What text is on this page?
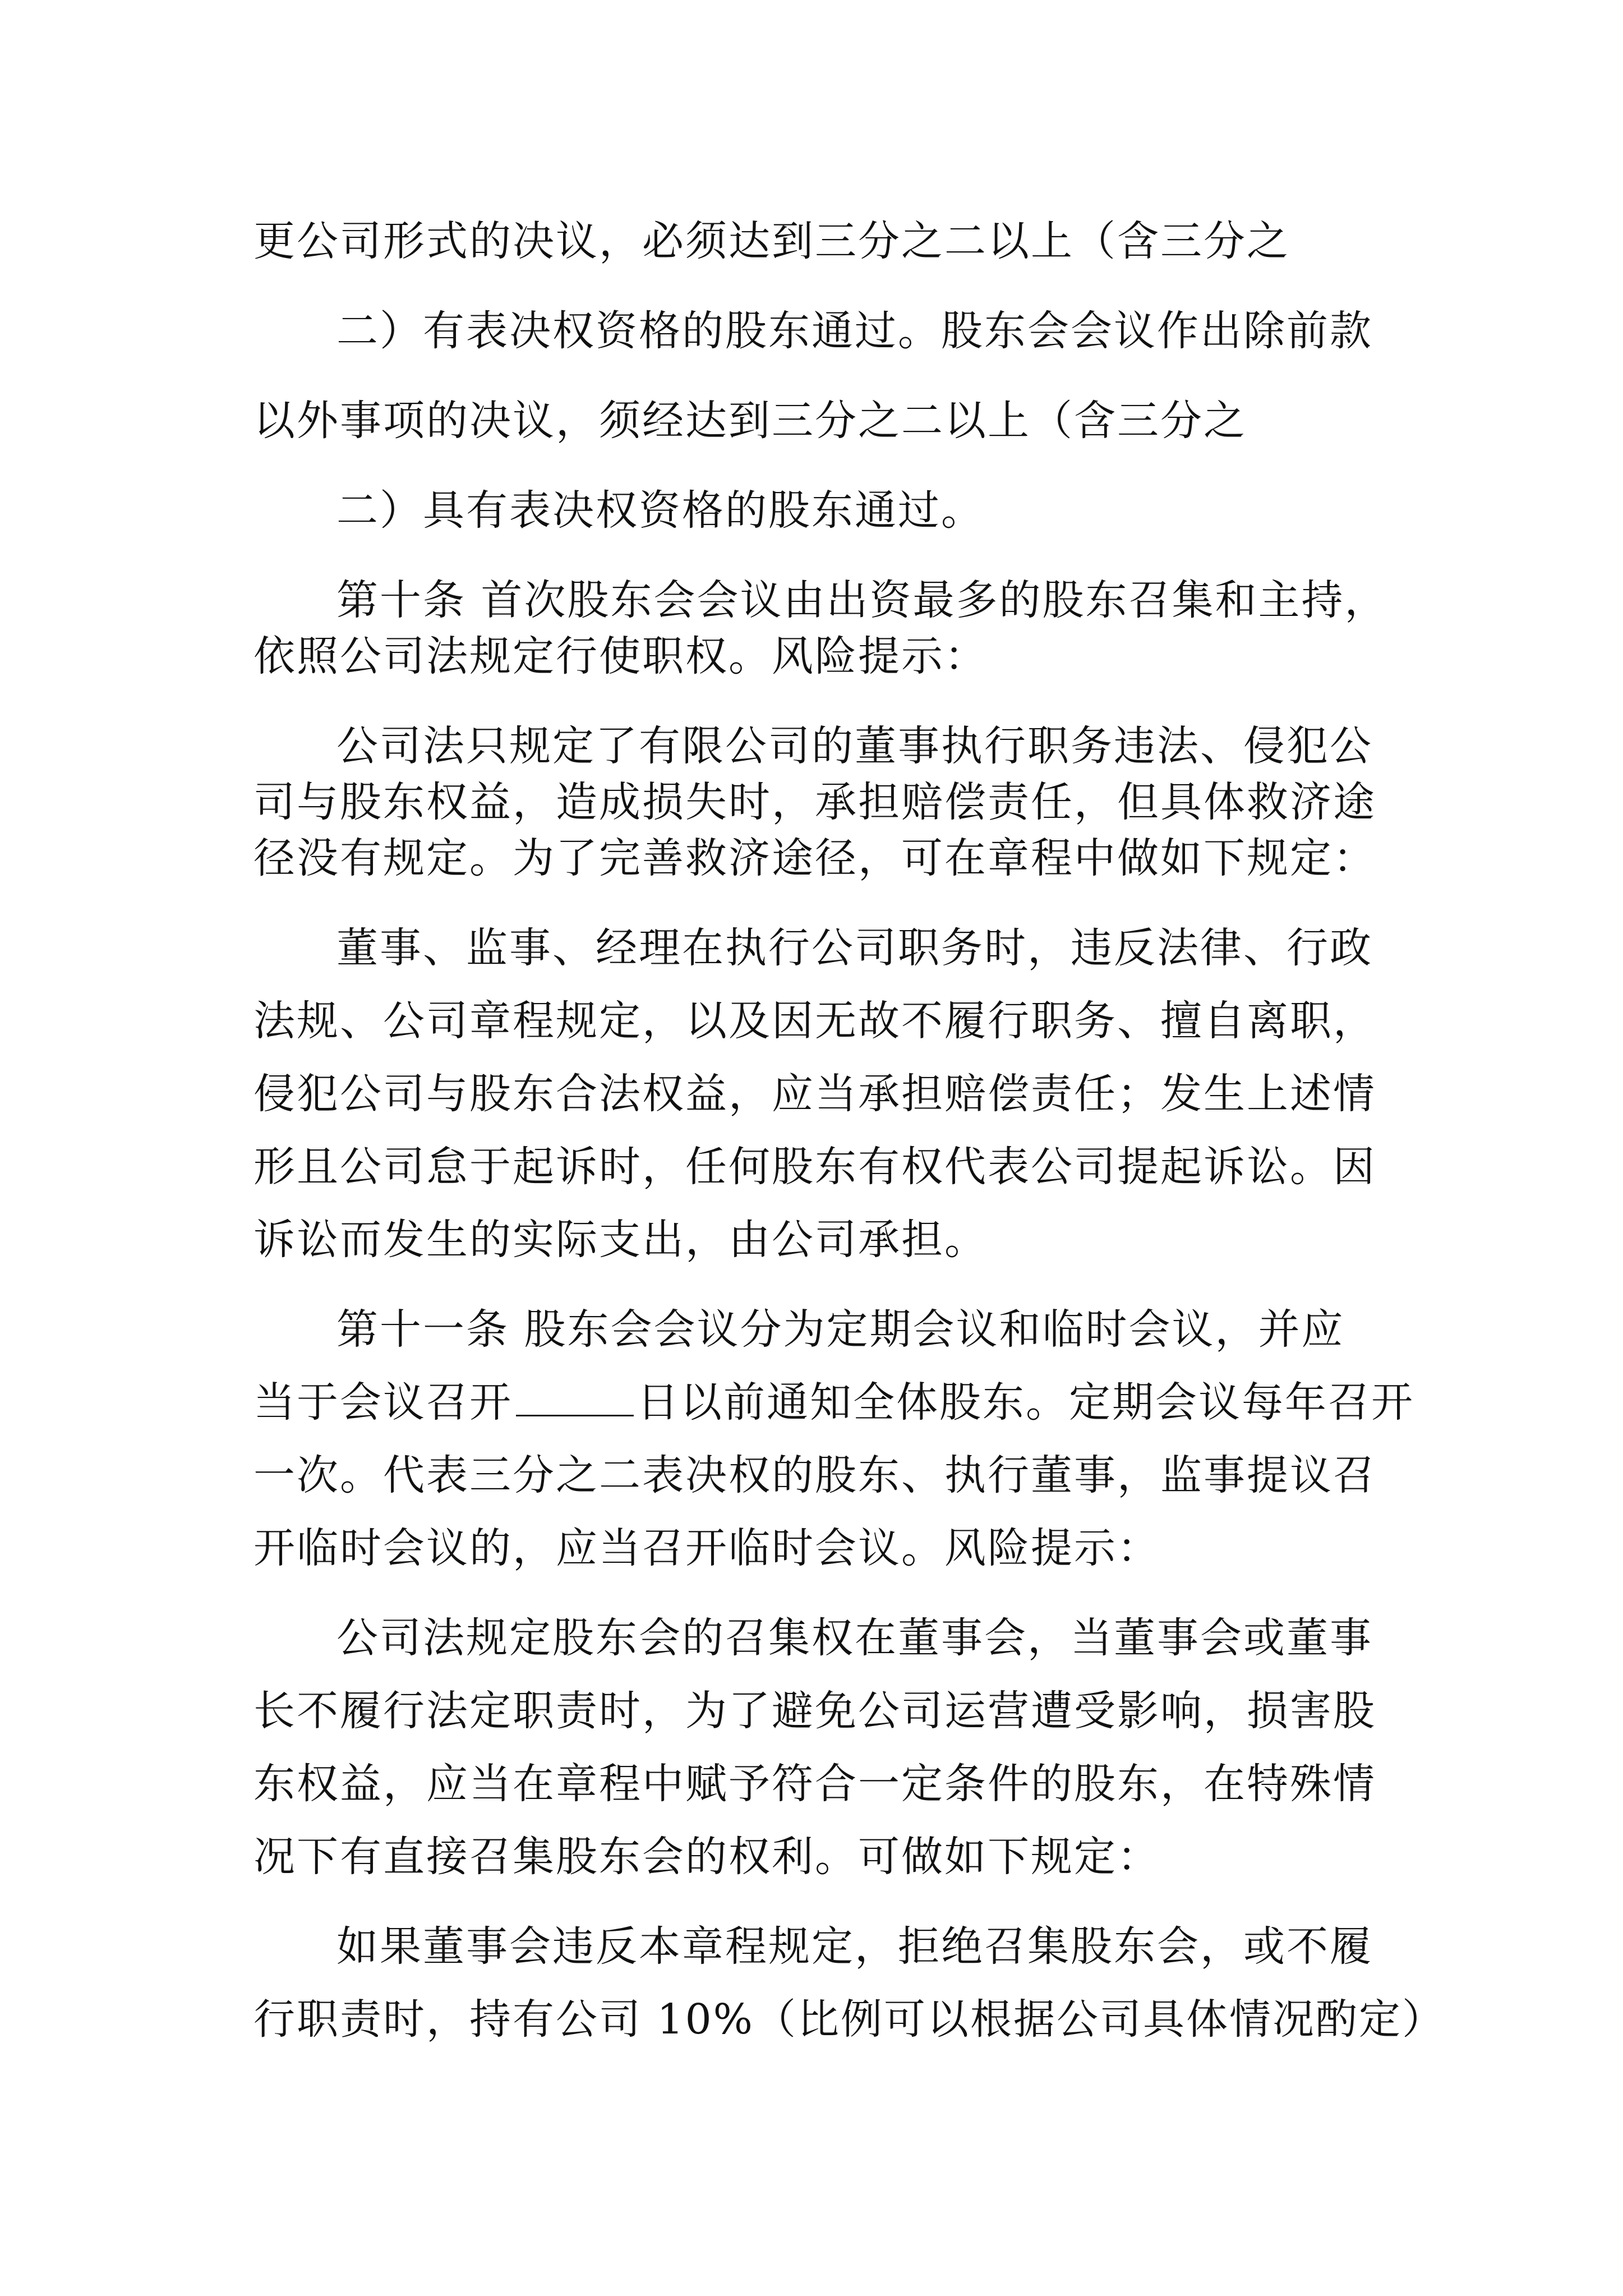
更公司形式的决议，必须达到三分之二以上（含三分之
二）有表决权资格的股东通过。股东会会议作出除前款
以外事项的决议，须经达到三分之二以上（含三分之
二）具有表决权资格的股东通过。
第十条 首次股东会会议由出资最多的股东召集和主持，
依照公司法规定行使职权。风险提示：
公司法只规定了有限公司的董事执行职务违法、侵犯公
司与股东权益，造成损失时，承担赔偿责任，但具体救济途
径没有规定。为了完善救济途径，可在章程中做如下规定：
董事、监事、经理在执行公司职务时，违反法律、行政
法规、公司章程规定，以及因无故不履行职务、擅自离职，
侵犯公司与股东合法权益，应当承担赔偿责任；发生上述情
形且公司怠于起诉时，任何股东有权代表公司提起诉讼。因
诉讼而发生的实际支出，由公司承担。
第十一条 股东会会议分为定期会议和临时会议，并应
当于会议召开	日以前通知全体股东。定期会议每年召开
一次。代表三分之二表决权的股东、执行董事，监事提议召
开临时会议的，应当召开临时会议。风险提示：
公司法规定股东会的召集权在董事会，当董事会或董事
长不履行法定职责时，为了避免公司运营遭受影响，损害股
东权益，应当在章程中赋予符合一定条件的股东，在特殊情
况下有直接召集股东会的权利。可做如下规定：
如果董事会违反本章程规定，拒绝召集股东会，或不履
行职责时，持有公司 10%（比例可以根据公司具体情况酌定）
